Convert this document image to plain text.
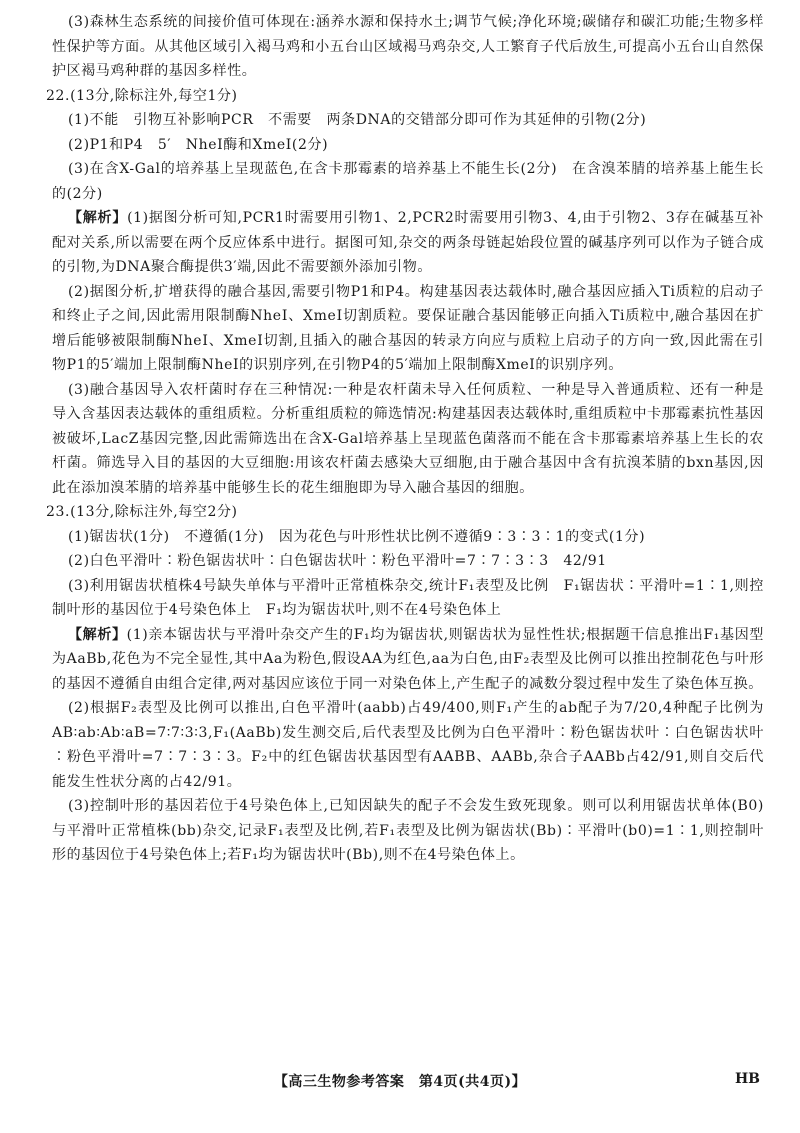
(3)森林生态系统的间接价值可体现在:涵养水源和保持水土;调节气候;净化环境;碳储存和碳汇功能;生物多样性保护等方面。从其他区域引入褐马鸡和小五台山区域褐马鸡杂交,人工繁育子代后放生,可提高小五台山自然保护区褐马鸡种群的基因多样性。

22.(13分,除标注外,每空1分)

(1)不能　引物互补影响PCR　不需要　两条DNA的交错部分即可作为其延伸的引物(2分)

(2)P1和P4　5′　NheⅠ酶和XmeⅠ(2分)

(3)在含X-Gal的培养基上呈现蓝色,在含卡那霉素的培养基上不能生长(2分)　在含溴苯腈的培养基上能生长的(2分)

【解析】(1)据图分析可知,PCR1时需要用引物1、2,PCR2时需要用引物3、4,由于引物2、3存在碱基互补配对关系,所以需要在两个反应体系中进行。据图可知,杂交的两条母链起始段位置的碱基序列可以作为子链合成的引物,为DNA聚合酶提供3′端,因此不需要额外添加引物。

(2)据图分析,扩增获得的融合基因,需要引物P1和P4。构建基因表达载体时,融合基因应插入Ti质粒的启动子和终止子之间,因此需用限制酶NheⅠ、XmeⅠ切割质粒。要保证融合基因能够正向插入Ti质粒中,融合基因在扩增后能够被限制酶NheⅠ、XmeⅠ切割,且插入的融合基因的转录方向应与质粒上启动子的方向一致,因此需在引物P1的5′端加上限制酶NheⅠ的识别序列,在引物P4的5′端加上限制酶XmeⅠ的识别序列。

(3)融合基因导入农杆菌时存在三种情况:一种是农杆菌未导入任何质粒、一种是导入普通质粒、还有一种是导入含基因表达载体的重组质粒。分析重组质粒的筛选情况:构建基因表达载体时,重组质粒中卡那霉素抗性基因被破坏,LacZ基因完整,因此需筛选出在含X-Gal培养基上呈现蓝色菌落而不能在含卡那霉素培养基上生长的农杆菌。筛选导入目的基因的大豆细胞:用该农杆菌去感染大豆细胞,由于融合基因中含有抗溴苯腈的bxn基因,因此在添加溴苯腈的培养基中能够生长的花生细胞即为导入融合基因的细胞。

23.(13分,除标注外,每空2分)

(1)锯齿状(1分)　不遵循(1分)　因为花色与叶形性状比例不遵循9∶3∶3∶1的变式(1分)

(2)白色平滑叶∶粉色锯齿状叶∶白色锯齿状叶∶粉色平滑叶=7∶7∶3∶3　42/91

(3)利用锯齿状植株4号缺失单体与平滑叶正常植株杂交,统计F₁表型及比例　F₁锯齿状∶平滑叶=1∶1,则控制叶形的基因位于4号染色体上　F₁均为锯齿状叶,则不在4号染色体上

【解析】(1)亲本锯齿状与平滑叶杂交产生的F₁均为锯齿状,则锯齿状为显性性状;根据题干信息推出F₁基因型为AaBb,花色为不完全显性,其中Aa为粉色,假设AA为红色,aa为白色,由F₂表型及比例可以推出控制花色与叶形的基因不遵循自由组合定律,两对基因应该位于同一对染色体上,产生配子的减数分裂过程中发生了染色体互换。

(2)根据F₂表型及比例可以推出,白色平滑叶(aabb)占49/400,则F₁产生的ab配子为7/20,4种配子比例为AB∶ab∶Ab∶aB=7∶7∶3∶3,F₁(AaBb)发生测交后,后代表型及比例为白色平滑叶∶粉色锯齿状叶∶白色锯齿状叶∶粉色平滑叶=7∶7∶3∶3。F₂中的红色锯齿状基因型有AABB、AABb,杂合子AABb占42/91,则自交后代能发生性状分离的占42/91。

(3)控制叶形的基因若位于4号染色体上,已知因缺失的配子不会发生致死现象。则可以利用锯齿状单体(B0)与平滑叶正常植株(bb)杂交,记录F₁表型及比例,若F₁表型及比例为锯齿状(Bb)∶平滑叶(b0)=1∶1,则控制叶形的基因位于4号染色体上;若F₁均为锯齿状叶(Bb),则不在4号染色体上。

【高三生物参考答案　第4页(共4页)】	HB
